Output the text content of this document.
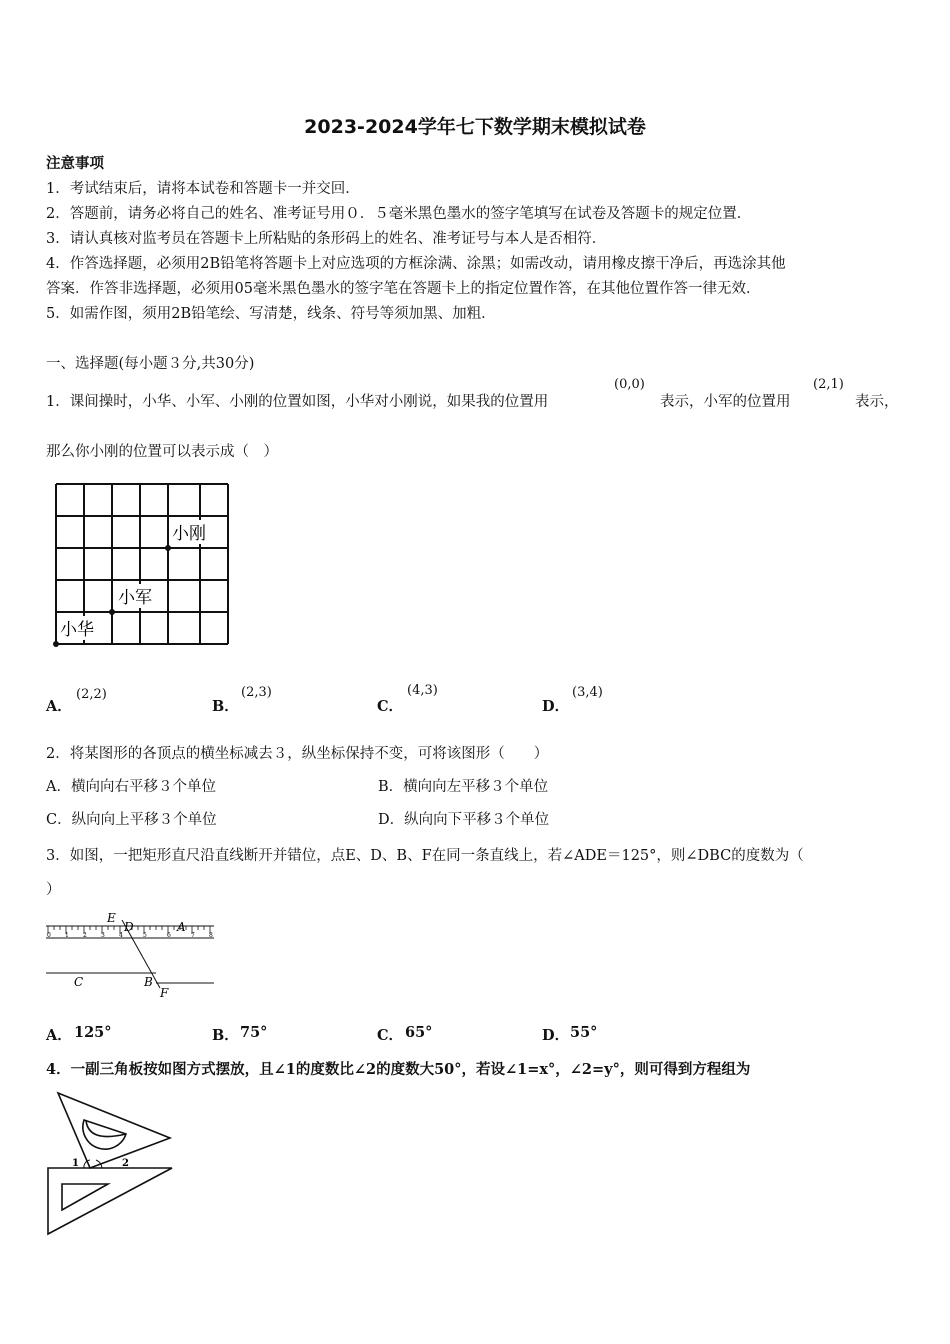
2023-2024学年七下数学期末模拟试卷
注意事项
1．考试结束后，请将本试卷和答题卡一并交回．
2．答题前，请务必将自己的姓名、准考证号用０．５毫米黑色墨水的签字笔填写在试卷及答题卡的规定位置．
3．请认真核对监考员在答题卡上所粘贴的条形码上的姓名、准考证号与本人是否相符．
4．作答选择题，必须用2B铅笔将答题卡上对应选项的方框涂满、涂黑；如需改动，请用橡皮擦干净后，再选涂其他
答案．作答非选择题，必须用05毫米黑色墨水的签字笔在答题卡上的指定位置作答，在其他位置作答一律无效．
5．如需作图，须用2B铅笔绘、写清楚，线条、符号等须加黑、加粗．
一、选择题(每小题３分,共30分)
1．课间操时，小华、小军、小刚的位置如图，小华对小刚说，如果我的位置用
(0,0)
表示，小军的位置用
(2,1)
表示，
那么你小刚的位置可以表示成（　）
小刚
小军
小华
A．
(2,2)
B．
(2,3)
C．
(4,3)
D．
(3,4)
2．将某图形的各顶点的横坐标减去３，纵坐标保持不变，可将该图形（　　）
A．横向向右平移３个单位	B．横向向左平移３个单位
C．纵向向上平移３个单位	D．纵向向下平移３个单位
3．如图，一把矩形直尺沿直线断开并错位，点E、D、B、F在同一条直线上，若∠ADE＝125°，则∠DBC的度数为（
）
0 1 2 3 4	5	6	7 8
E
D	A
C	B
F
A． 125°	B． 75°	C． 65°	D． 55°
4．一副三角板按如图方式摆放，且∠1的度数比∠2的度数大50°，若设∠1=x°，∠2=y°，则可得到方程组为
1	2
